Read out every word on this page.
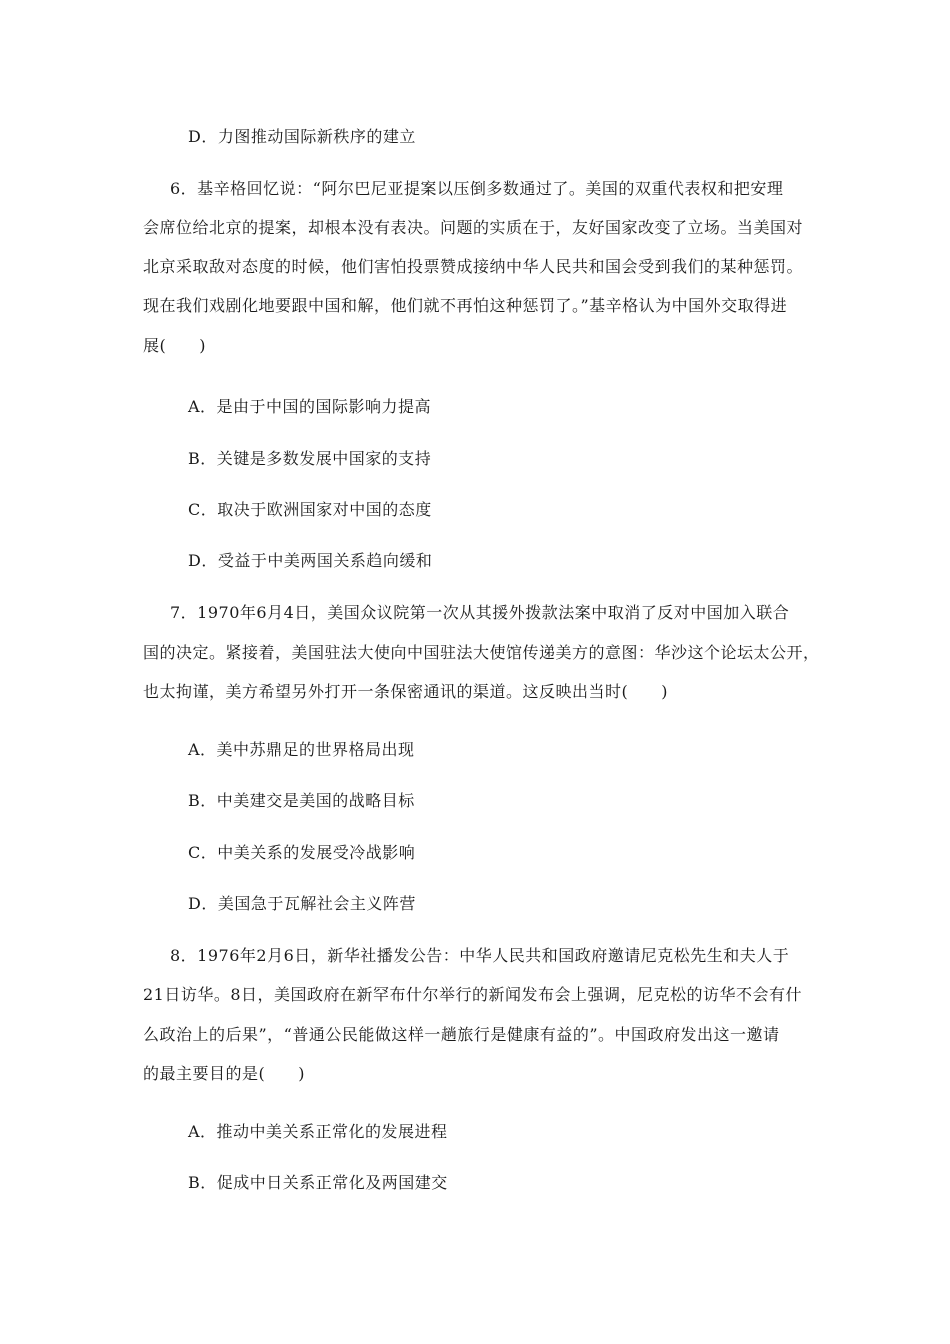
D．力图推动国际新秩序的建立
6．基辛格回忆说：“阿尔巴尼亚提案以压倒多数通过了。美国的双重代表权和把安理
会席位给北京的提案，却根本没有表决。问题的实质在于，友好国家改变了立场。当美国对
北京采取敌对态度的时候，他们害怕投票赞成接纳中华人民共和国会受到我们的某种惩罚。
现在我们戏剧化地要跟中国和解，他们就不再怕这种惩罚了。”基辛格认为中国外交取得进
展(　　)
A．是由于中国的国际影响力提高
B．关键是多数发展中国家的支持
C．取决于欧洲国家对中国的态度
D．受益于中美两国关系趋向缓和
7．1970年6月4日，美国众议院第一次从其援外拨款法案中取消了反对中国加入联合
国的决定。紧接着，美国驻法大使向中国驻法大使馆传递美方的意图：华沙这个论坛太公开，
也太拘谨，美方希望另外打开一条保密通讯的渠道。这反映出当时(　　)
A．美中苏鼎足的世界格局出现
B．中美建交是美国的战略目标
C．中美关系的发展受冷战影响
D．美国急于瓦解社会主义阵营
8．1976年2月6日，新华社播发公告：中华人民共和国政府邀请尼克松先生和夫人于
21日访华。8日，美国政府在新罕布什尔举行的新闻发布会上强调，尼克松的访华不会有什
么政治上的后果”，“普通公民能做这样一趟旅行是健康有益的”。中国政府发出这一邀请
的最主要目的是(　　)
A．推动中美关系正常化的发展进程
B．促成中日关系正常化及两国建交
